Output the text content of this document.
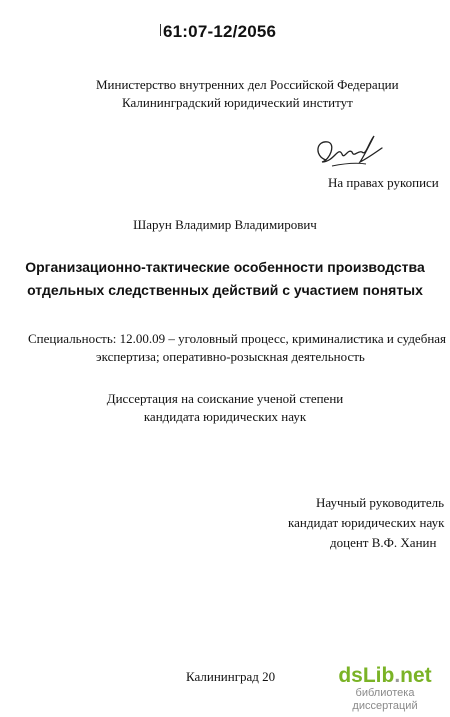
61:07-12/2056
Министерство внутренних дел Российской Федерации
Калининградский юридический институт
На правах рукописи
Шарун Владимир Владимирович
Организационно-тактические особенности производства
отдельных следственных действий с участием понятых
Специальность: 12.00.09 – уголовный процесс, криминалистика и судебная
экспертиза; оперативно-розыскная деятельность
Диссертация на соискание ученой степени
кандидата юридических наук
Научный руководитель
кандидат юридических наук
доцент В.Ф. Ханин
Калининград 20	dsLib.net
библиотека диссертаций
